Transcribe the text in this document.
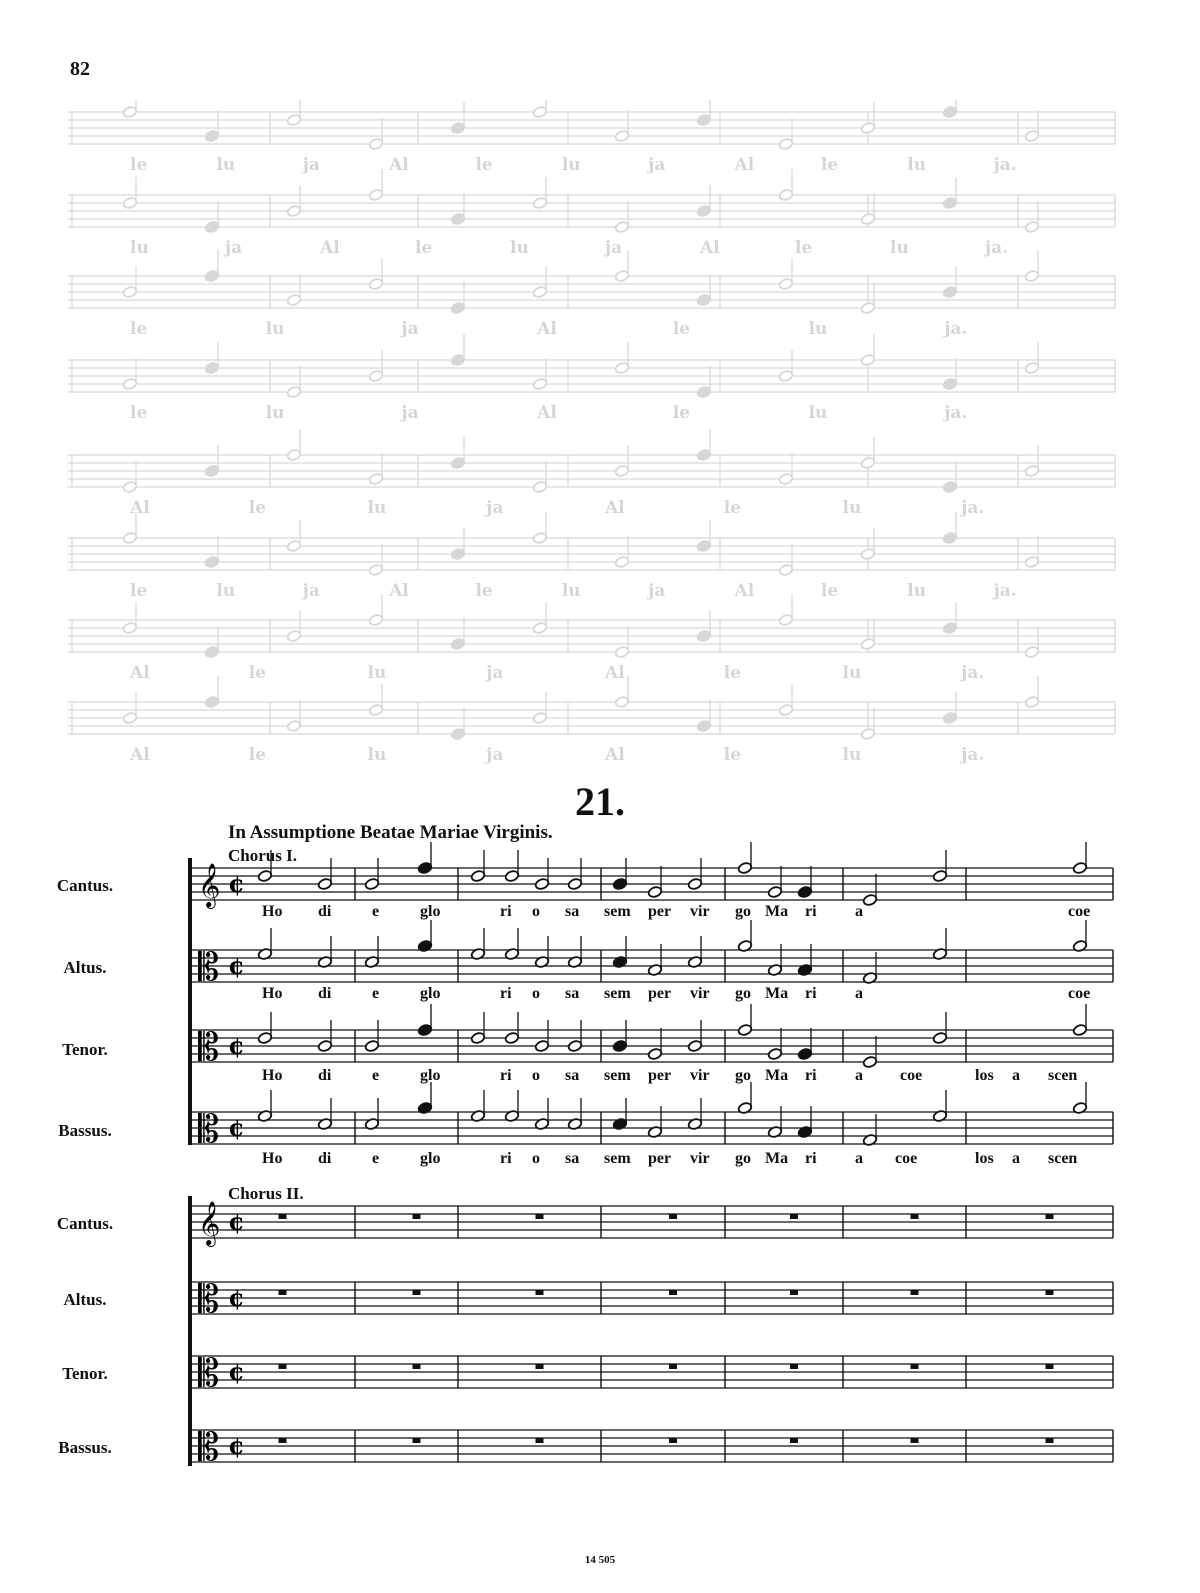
82
le	lu	ja	Al	le	lu	ja	Al	le	lu	ja.
lu	ja	Al	le	lu	ja	Al	le	lu	ja.
le	lu	ja	Al	le	lu	ja.
le	lu	ja	Al	le	lu	ja.
Al	le	lu	ja	Al	le	lu	ja.
le	lu	ja	Al	le	lu	ja	Al	le	lu	ja.
Al	le	lu	ja	Al	le	lu	ja.
Al	le	lu	ja	Al	le	lu	ja.
21.
In Assumptione Beatae Mariae Virginis.
Chorus I.
Chorus II.
Cantus.
Altus.
Tenor.
Bassus.
Cantus.
Altus.
Tenor.
Bassus.
𝄞 ¢
𝄡 ¢
𝄡 ¢
𝄡 ¢
𝄞 ¢
𝄡 ¢
𝄡 ¢
𝄡 ¢
Ho di	e	glo	ri o sa sem per vir go Ma ri a	coe
Ho di	e	glo	ri o sa sem per vir go Ma ri a	coe
Ho di	e	glo	ri o sa sem per vir go Ma ri a coe	los a scen
Ho di	e	glo	ri o sa sem per vir go Ma ri a coe	los a scen
14 505
